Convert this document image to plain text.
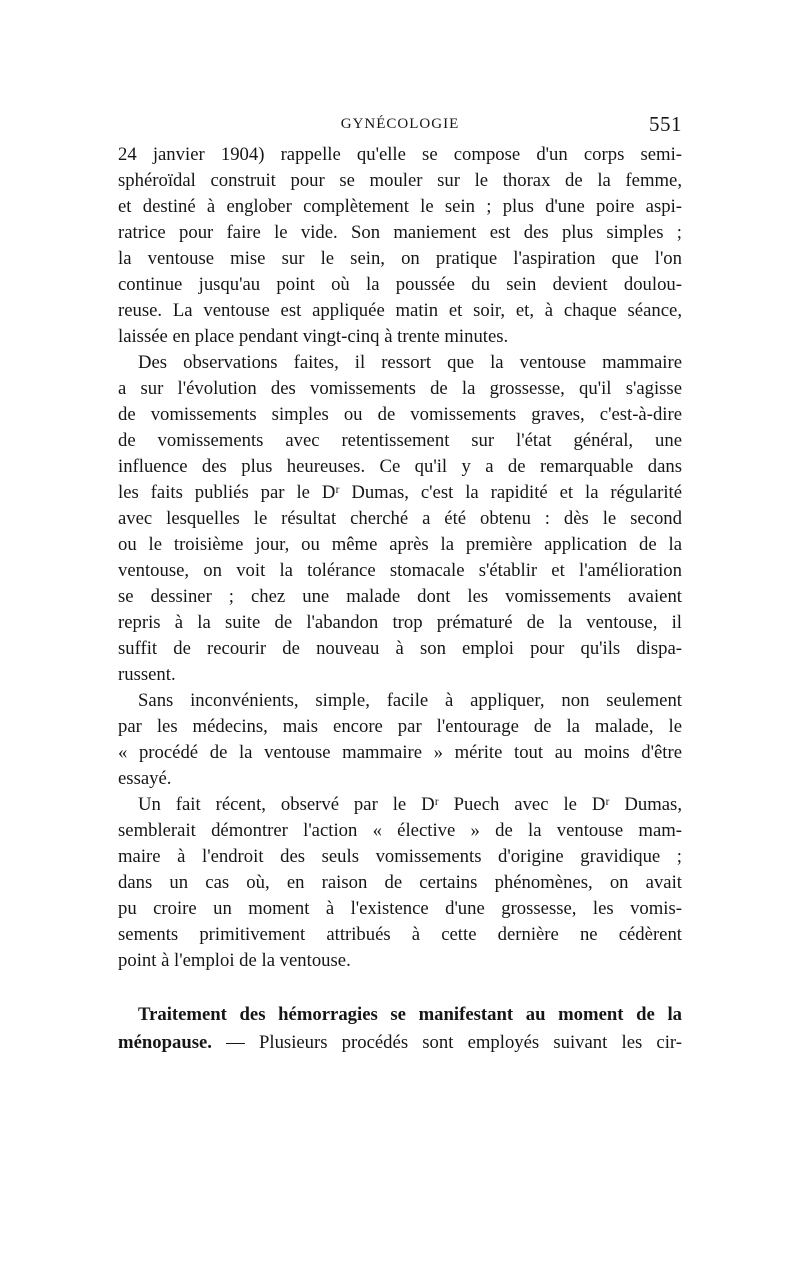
GYNÉCOLOGIE	551
24 janvier 1904) rappelle qu'elle se compose d'un corps semi-
sphéroïdal construit pour se mouler sur le thorax de la femme,
et destiné à englober complètement le sein ; plus d'une poire aspi-
ratrice pour faire le vide. Son maniement est des plus simples ;
la ventouse mise sur le sein, on pratique l'aspiration que l'on
continue jusqu'au point où la poussée du sein devient doulou-
reuse. La ventouse est appliquée matin et soir, et, à chaque séance,
laissée en place pendant vingt-cinq à trente minutes.
Des observations faites, il ressort que la ventouse mammaire
a sur l'évolution des vomissements de la grossesse, qu'il s'agisse
de vomissements simples ou de vomissements graves, c'est-à-dire
de vomissements avec retentissement sur l'état général, une
influence des plus heureuses. Ce qu'il y a de remarquable dans
les faits publiés par le Dʳ Dumas, c'est la rapidité et la régularité
avec lesquelles le résultat cherché a été obtenu : dès le second
ou le troisième jour, ou même après la première application de la
ventouse, on voit la tolérance stomacale s'établir et l'amélioration
se dessiner ; chez une malade dont les vomissements avaient
repris à la suite de l'abandon trop prématuré de la ventouse, il
suffit de recourir de nouveau à son emploi pour qu'ils dispa-
russent.
Sans inconvénients, simple, facile à appliquer, non seulement
par les médecins, mais encore par l'entourage de la malade, le
« procédé de la ventouse mammaire » mérite tout au moins d'être
essayé.
Un fait récent, observé par le Dʳ Puech avec le Dʳ Dumas,
semblerait démontrer l'action « élective » de la ventouse mam-
maire à l'endroit des seuls vomissements d'origine gravidique ;
dans un cas où, en raison de certains phénomènes, on avait
pu croire un moment à l'existence d'une grossesse, les vomis-
sements primitivement attribués à cette dernière ne cédèrent
point à l'emploi de la ventouse.
Traitement des hémorragies se manifestant au moment de la
ménopause. — Plusieurs procédés sont employés suivant les cir-
